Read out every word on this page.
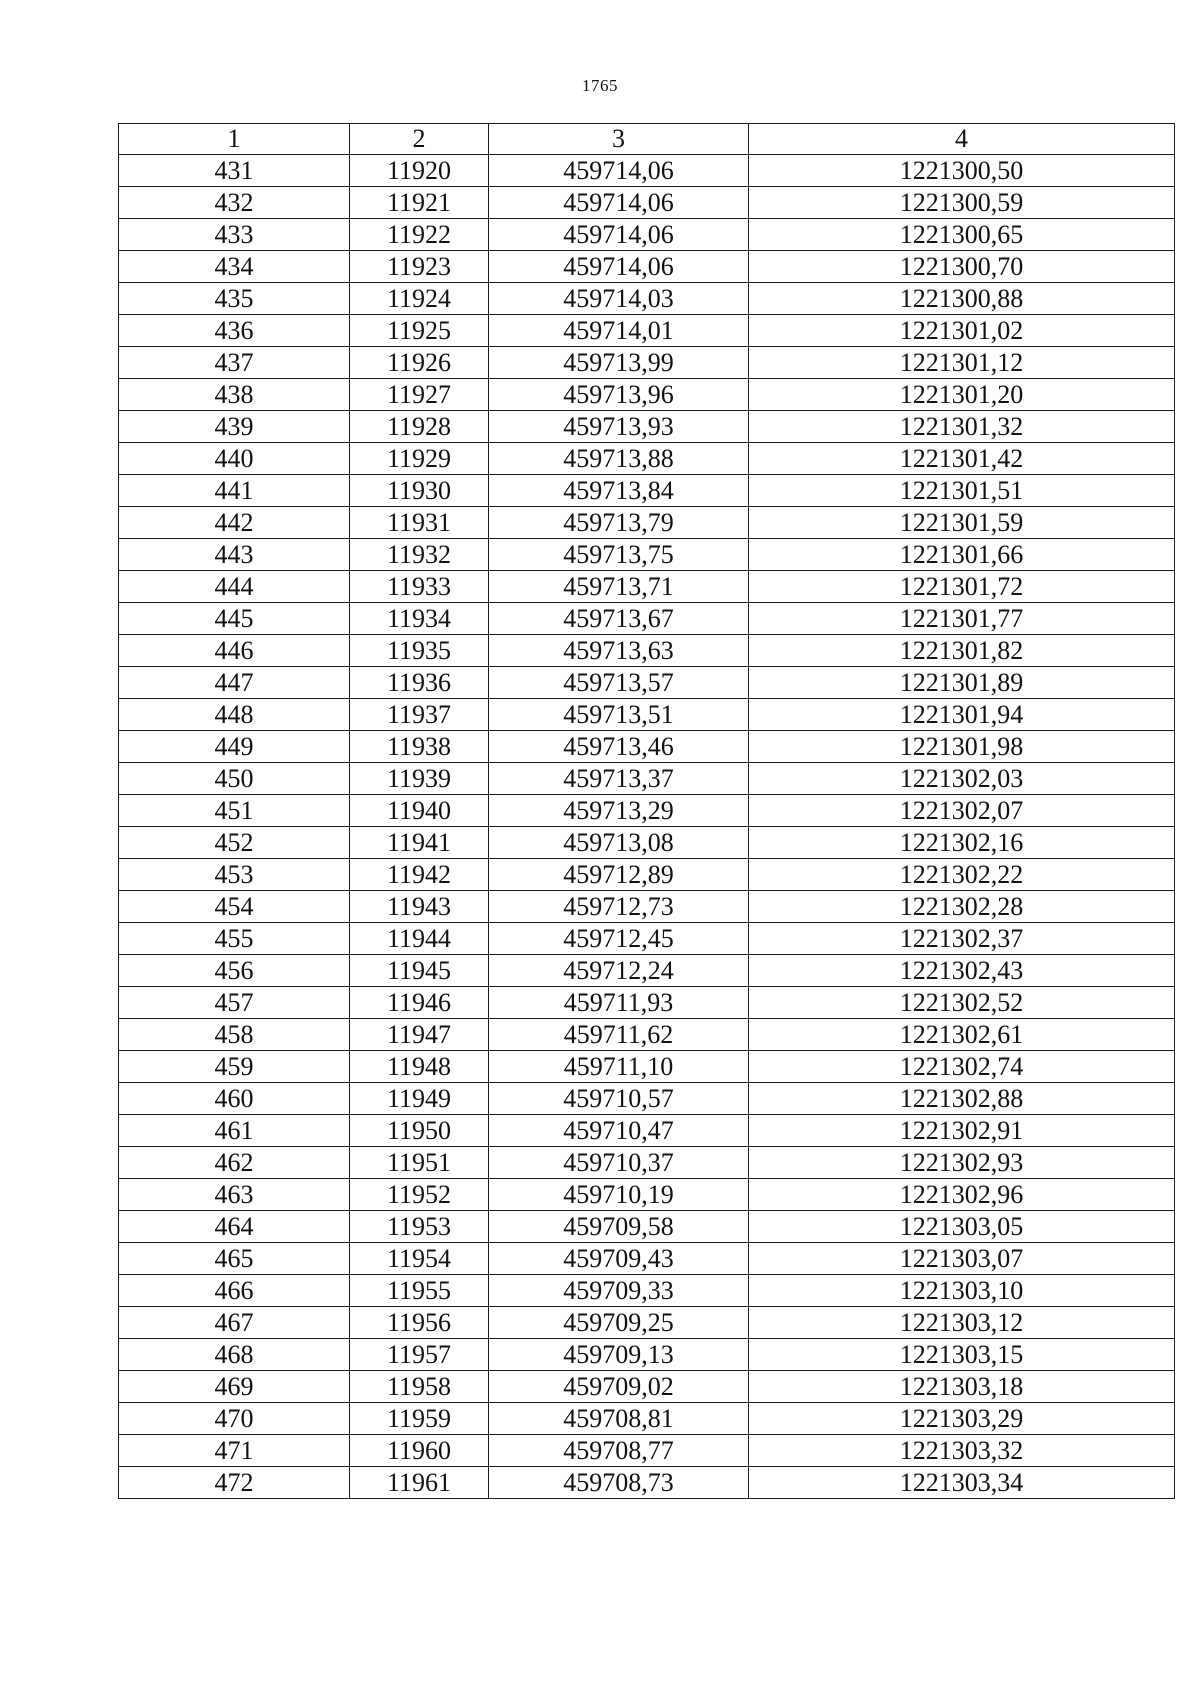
1765
1	2	3	4
431	11920	459714,06	1221300,50
432	11921	459714,06	1221300,59
433	11922	459714,06	1221300,65
434	11923	459714,06	1221300,70
435	11924	459714,03	1221300,88
436	11925	459714,01	1221301,02
437	11926	459713,99	1221301,12
438	11927	459713,96	1221301,20
439	11928	459713,93	1221301,32
440	11929	459713,88	1221301,42
441	11930	459713,84	1221301,51
442	11931	459713,79	1221301,59
443	11932	459713,75	1221301,66
444	11933	459713,71	1221301,72
445	11934	459713,67	1221301,77
446	11935	459713,63	1221301,82
447	11936	459713,57	1221301,89
448	11937	459713,51	1221301,94
449	11938	459713,46	1221301,98
450	11939	459713,37	1221302,03
451	11940	459713,29	1221302,07
452	11941	459713,08	1221302,16
453	11942	459712,89	1221302,22
454	11943	459712,73	1221302,28
455	11944	459712,45	1221302,37
456	11945	459712,24	1221302,43
457	11946	459711,93	1221302,52
458	11947	459711,62	1221302,61
459	11948	459711,10	1221302,74
460	11949	459710,57	1221302,88
461	11950	459710,47	1221302,91
462	11951	459710,37	1221302,93
463	11952	459710,19	1221302,96
464	11953	459709,58	1221303,05
465	11954	459709,43	1221303,07
466	11955	459709,33	1221303,10
467	11956	459709,25	1221303,12
468	11957	459709,13	1221303,15
469	11958	459709,02	1221303,18
470	11959	459708,81	1221303,29
471	11960	459708,77	1221303,32
472	11961	459708,73	1221303,34
